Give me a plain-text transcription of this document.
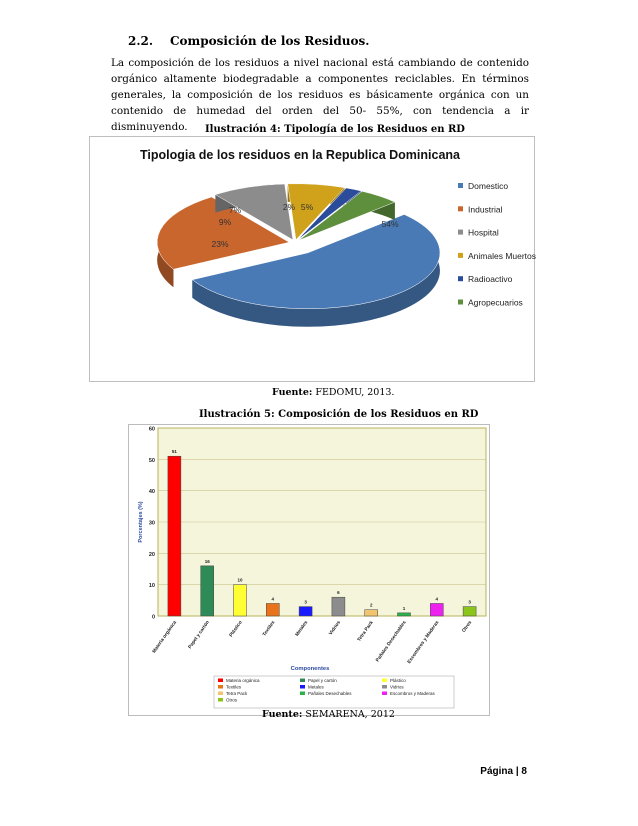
2.2. Composición de los Residuos.
La composición de los residuos a nivel nacional está cambiando de contenido orgánico altamente biodegradable a componentes reciclables. En términos generales, la composición de los residuos es básicamente orgánica con un contenido de humedad del orden del 50- 55%, con tendencia a ir disminuyendo.	Ilustración 4: Tipología de los Residuos en RD
Tipologia de los residuos en la Republica Dominicana
54%
23%
9%
7%	2% 5%
Domestico
Industrial
Hospital
Animales Muertos
Radioactivo
Agropecuarios
Fuente: FEDOMU, 2013.
Ilustración 5: Composición de los Residuos en RD
0
10
20
30
40
50
60
Porcentajes (%)
51
Materia orgánica
16
Papel y cartón
10
Plástico
4
Textiles
3
Metales
6
Vidrios
2
Tetra Pack
1
Pañales Desechables
4
Escombros y Maderas
3
Otros
Componentes
Materia orgánica	Papel y cartón	Plástico
Textiles	Metales	Vidrios
Tetra Pack	Pañales Desechables	Escombros y Maderas
Otros
Fuente: SEMARENA, 2012
Página | 8
